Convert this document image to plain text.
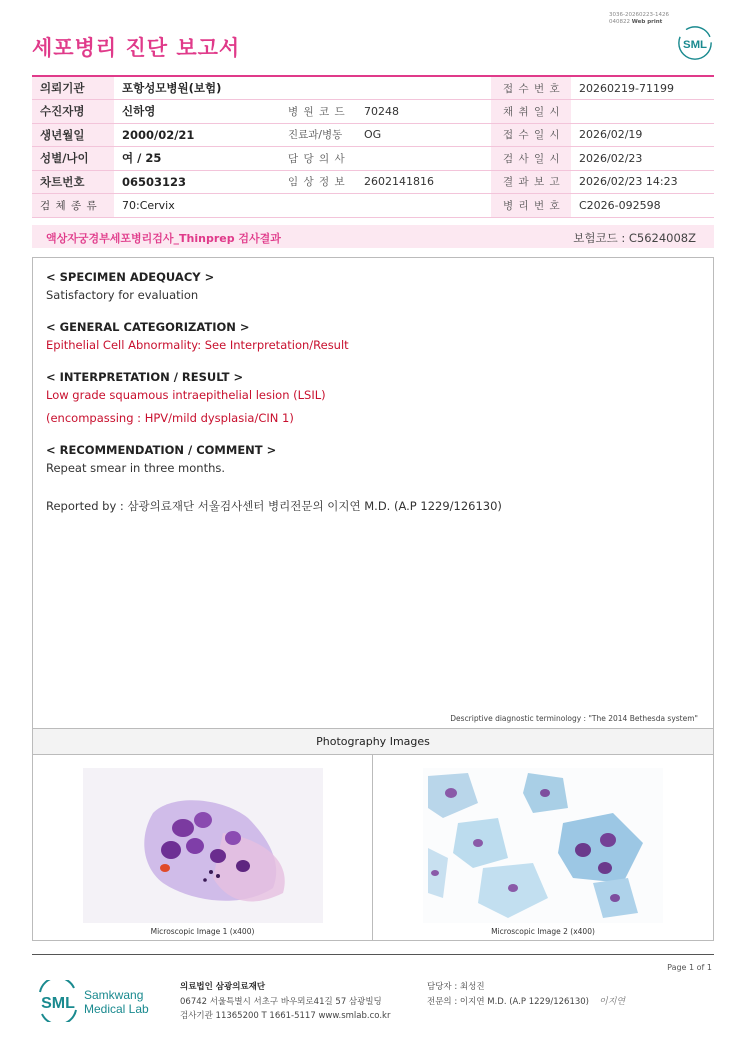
3036-20260223-1426
040822 Web print
SML
세포병리 진단 보고서
의뢰기관	포항성모병원(보험)			접 수 번 호	20260219-71199
수진자명	신하영	병 원 코 드	70248	채 취 일 시	
생년월일	2000/02/21	진료과/병동	OG	접 수 일 시	2026/02/19
성별/나이	여 / 25	담 당 의 사		검 사 일 시	2026/02/23
차트번호	06503123	임 상 정 보	2602141816	결 과 보 고	2026/02/23 14:23
검 체 종 류	70:Cervix			병 리 번 호	C2026-092598
액상자궁경부세포병리검사_Thinprep 검사결과	보험코드 : C5624008Z
< SPECIMEN ADEQUACY >
Satisfactory for evaluation
< GENERAL CATEGORIZATION >
Epithelial Cell Abnormality: See Interpretation/Result
< INTERPRETATION / RESULT >
Low grade squamous intraepithelial lesion (LSIL)
(encompassing : HPV/mild dysplasia/CIN 1)
< RECOMMENDATION / COMMENT >
Repeat smear in three months.
Reported by : 삼광의료재단 서울검사센터 병리전문의 이지연 M.D. (A.P 1229/126130)
Descriptive diagnostic terminology : "The 2014 Bethesda system"
Photography Images
Microscopic Image 1 (x400)	Microscopic Image 2 (x400)
Page 1 of 1
SML Samkwang
Medical Lab
의료법인 삼광의료재단
06742 서울특별시 서초구 바우뫼로41길 57 삼광빌딩
검사기관 11365200 T 1661-5117 www.smlab.co.kr
담당자 : 최성진
전문의 : 이지연 M.D. (A.P 1229/126130) 이지연
